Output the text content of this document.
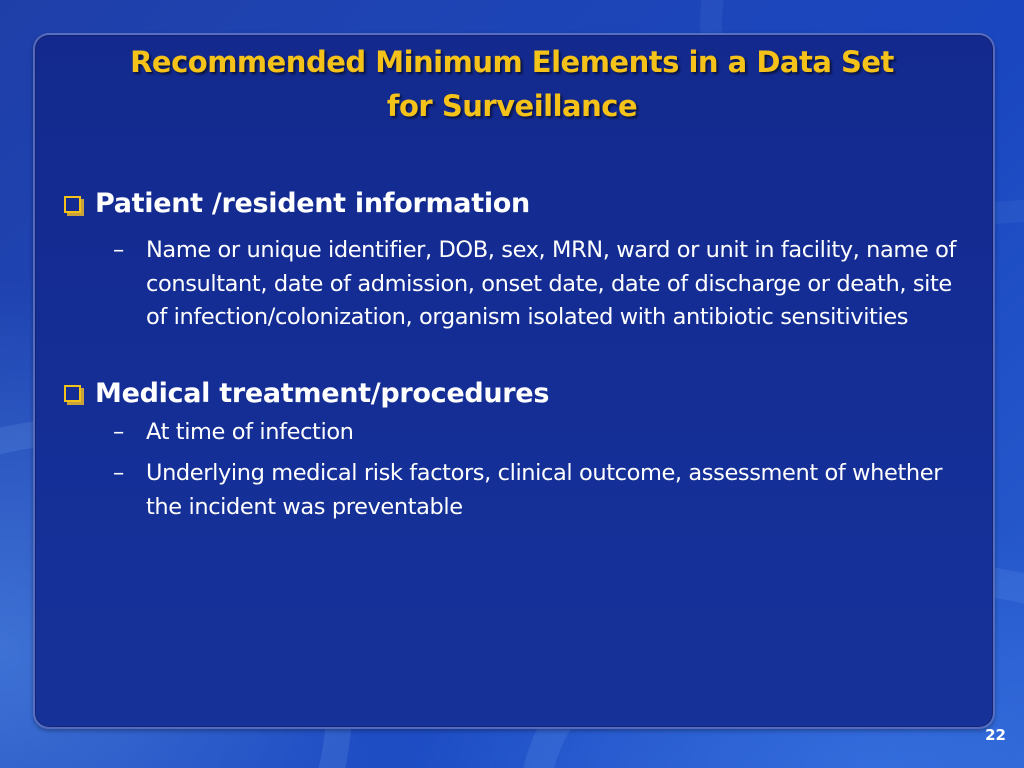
Recommended Minimum Elements in a Data Set
for Surveillance
Patient /resident information
– Name or unique identifier, DOB, sex, MRN, ward or unit in facility, name of consultant, date of admission, onset date, date of discharge or death, site of infection/colonization, organism isolated with antibiotic sensitivities
Medical treatment/procedures
– At time of infection
– Underlying medical risk factors, clinical outcome, assessment of whether the incident was preventable
22
